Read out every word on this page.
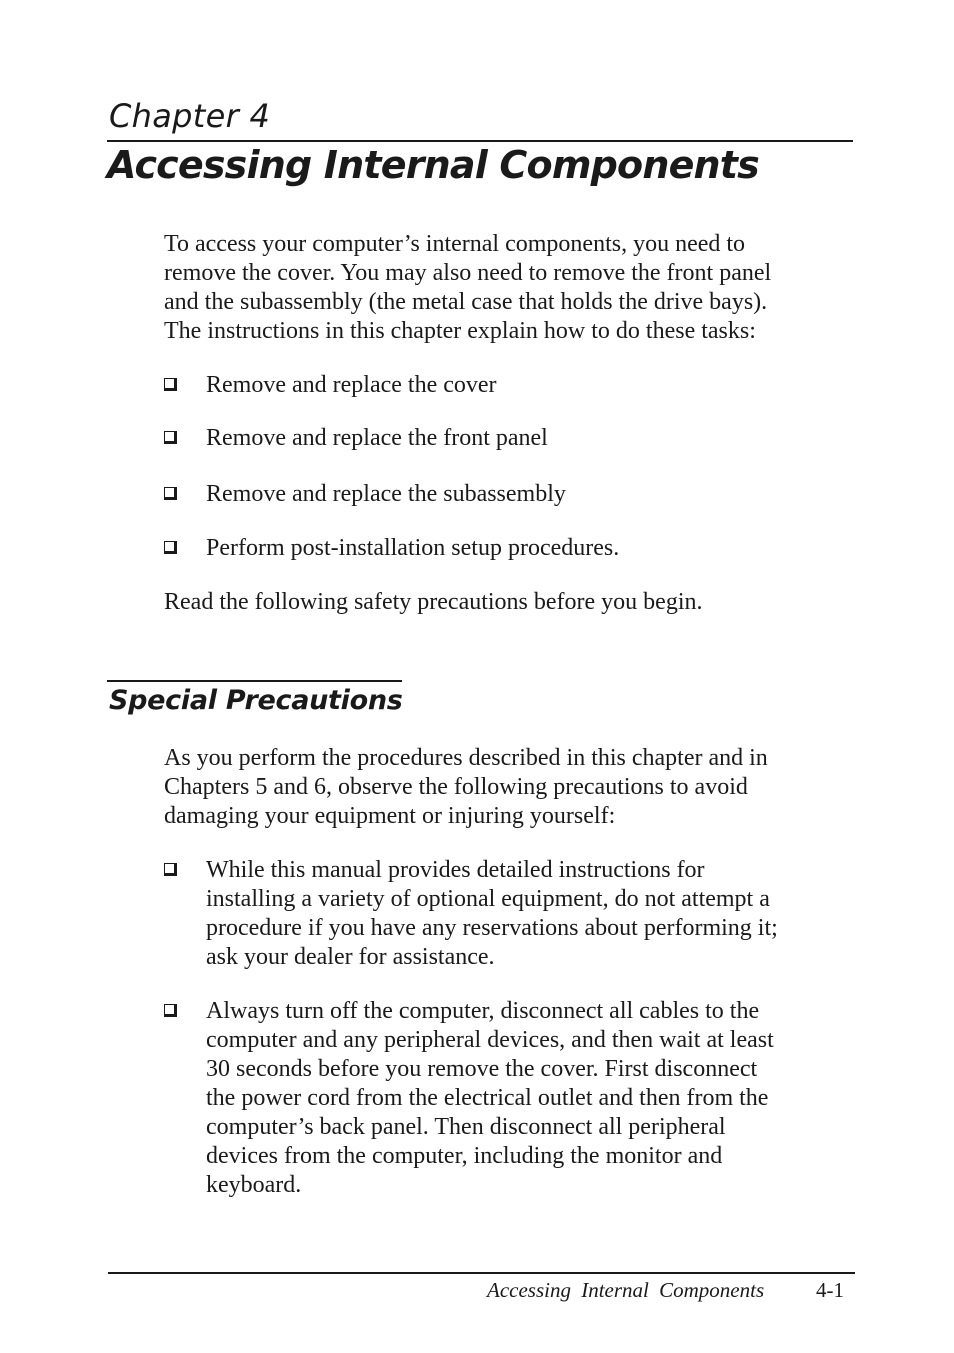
Chapter 4
Accessing Internal Components

To access your computer’s internal components, you need to
remove the cover. You may also need to remove the front panel
and the subassembly (the metal case that holds the drive bays).
The instructions in this chapter explain how to do these tasks:

Remove and replace the cover
Remove and replace the front panel
Remove and replace the subassembly
Perform post-installation setup procedures.

Read the following safety precautions before you begin.

Special Precautions

As you perform the procedures described in this chapter and in
Chapters 5 and 6, observe the following precautions to avoid
damaging your equipment or injuring yourself:

While this manual provides detailed instructions for
installing a variety of optional equipment, do not attempt a
procedure if you have any reservations about performing it;
ask your dealer for assistance.
Always turn off the computer, disconnect all cables to the
computer and any peripheral devices, and then wait at least
30 seconds before you remove the cover. First disconnect
the power cord from the electrical outlet and then from the
computer’s back panel. Then disconnect all peripheral
devices from the computer, including the monitor and
keyboard.
Accessing Internal Components 4-1
